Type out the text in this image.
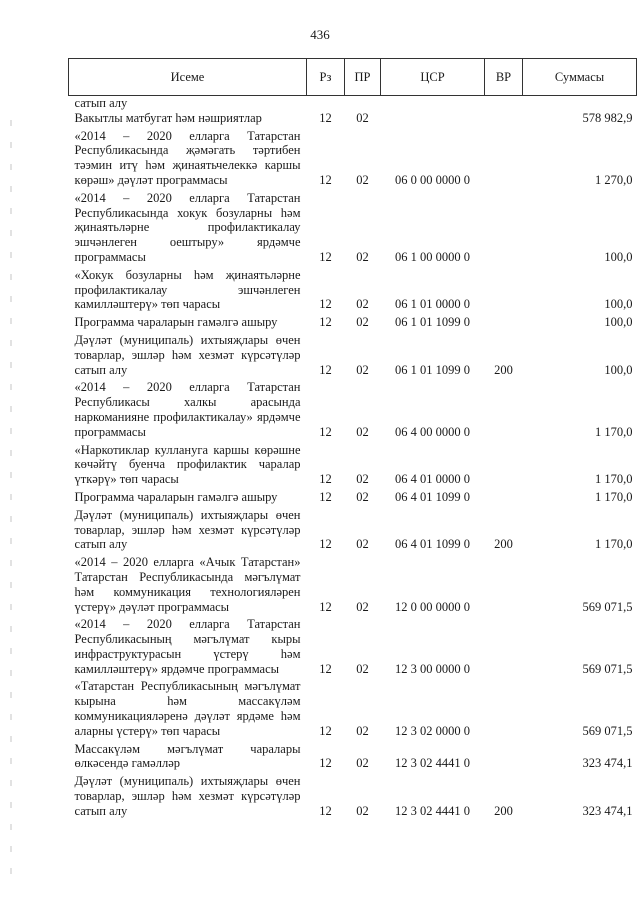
436
Исеме	Рз	ПР	ЦСР	ВР	Суммасы
сатып алу					
Вакытлы матбугат һәм нәшриятлар	12	02			578 982,9
«2014 – 2020 елларга Татарстан Республикасында җәмәгать тәртибен тәэмин итү һәм җинаятьчелеккә каршы көрәш» дәүләт программасы	12	02	06 0 00 0000 0		1 270,0
«2014 – 2020 елларга Татарстан Республикасында хокук бозуларны һәм җинаятьләрне профилактикалау эшчәнлеген оештыру» ярдәмче программасы	12	02	06 1 00 0000 0		100,0
«Хокук бозуларны һәм җинаятьләрне профилактикалау эшчәнлеген камилләштерү» төп чарасы	12	02	06 1 01 0000 0		100,0
Программа чараларын гамәлгә ашыру	12	02	06 1 01 1099 0		100,0
Дәүләт (муниципаль) ихтыяҗлары өчен товарлар, эшләр һәм хезмәт күрсәтүләр сатып алу	12	02	06 1 01 1099 0	200	100,0
«2014 – 2020 елларга Татарстан Республикасы халкы арасында наркоманияне профилактикалау» ярдәмче программасы	12	02	06 4 00 0000 0		1 170,0
«Наркотиклар куллануга каршы көрәшне көчәйтү буенча профилактик чаралар үткәрү» төп чарасы	12	02	06 4 01 0000 0		1 170,0
Программа чараларын гамәлгә ашыру	12	02	06 4 01 1099 0		1 170,0
Дәүләт (муниципаль) ихтыяҗлары өчен товарлар, эшләр һәм хезмәт күрсәтүләр сатып алу	12	02	06 4 01 1099 0	200	1 170,0
«2014 – 2020 елларга «Ачык Татарстан» Татарстан Республикасында мәгълүмат һәм коммуникация технологияләрен үстерү» дәүләт программасы	12	02	12 0 00 0000 0		569 071,5
«2014 – 2020 елларга Татарстан Республикасының мәгълүмат кыры инфраструктурасын үстерү һәм камилләштерү» ярдәмче программасы	12	02	12 3 00 0000 0		569 071,5
«Татарстан Республикасының мәгълүмат кырына һәм массакүләм коммуникацияләренә дәүләт ярдәме һәм аларны үстерү» төп чарасы	12	02	12 3 02 0000 0		569 071,5
Массакүләм мәгълүмат чаралары өлкәсендә гамәлләр	12	02	12 3 02 4441 0		323 474,1
Дәүләт (муниципаль) ихтыяҗлары өчен товарлар, эшләр һәм хезмәт күрсәтүләр сатып алу	12	02	12 3 02 4441 0	200	323 474,1
